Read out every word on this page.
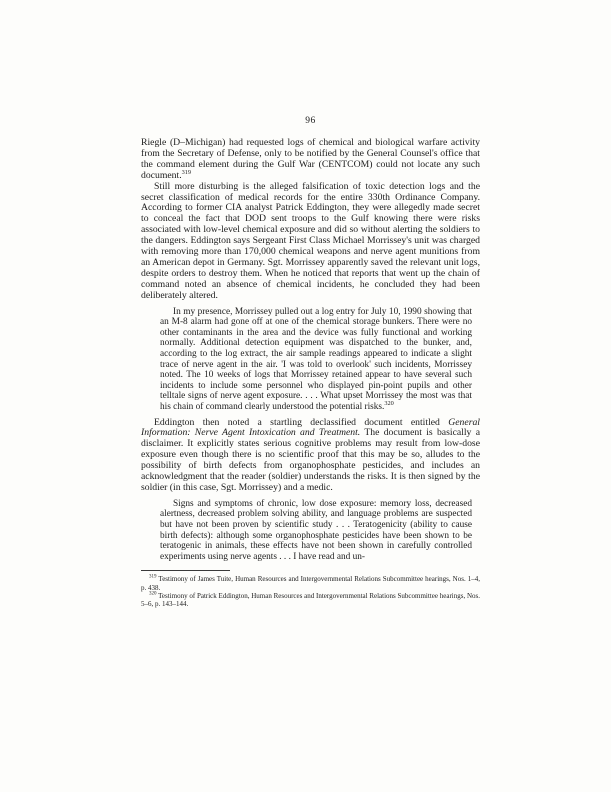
96

Riegle (D–Michigan) had requested logs of chemical and biological warfare activity from the Secretary of Defense, only to be notified by the General Counsel's office that the command element during the Gulf War (CENTCOM) could not locate any such document.$^{319}$

Still more disturbing is the alleged falsification of toxic detection logs and the secret classification of medical records for the entire 330th Ordinance Company. According to former CIA analyst Patrick Eddington, they were allegedly made secret to conceal the fact that DOD sent troops to the Gulf knowing there were risks associated with low-level chemical exposure and did so without alerting the soldiers to the dangers. Eddington says Sergeant First Class Michael Morrissey's unit was charged with removing more than 170,000 chemical weapons and nerve agent munitions from an American depot in Germany. Sgt. Morrissey apparently saved the relevant unit logs, despite orders to destroy them. When he noticed that reports that went up the chain of command noted an absence of chemical incidents, he concluded they had been deliberately altered.

In my presence, Morrissey pulled out a log entry for July 10, 1990 showing that an M-8 alarm had gone off at one of the chemical storage bunkers. There were no other contaminants in the area and the device was fully functional and working normally. Additional detection equipment was dispatched to the bunker, and, according to the log extract, the air sample readings appeared to indicate a slight trace of nerve agent in the air. 'I was told to overlook' such incidents, Morrissey noted. The 10 weeks of logs that Morrissey retained appear to have several such incidents to include some personnel who displayed pin-point pupils and other telltale signs of nerve agent exposure. . . . What upset Morrissey the most was that his chain of command clearly understood the potential risks.$^{320}$

Eddington then noted a startling declassified document entitled General Information: Nerve Agent Intoxication and Treatment. The document is basically a disclaimer. It explicitly states serious cognitive problems may result from low-dose exposure even though there is no scientific proof that this may be so, alludes to the possibility of birth defects from organophosphate pesticides, and includes an acknowledgment that the reader (soldier) understands the risks. It is then signed by the soldier (in this case, Sgt. Morrissey) and a medic.

Signs and symptoms of chronic, low dose exposure: memory loss, decreased alertness, decreased problem solving ability, and language problems are suspected but have not been proven by scientific study . . . Teratogenicity (ability to cause birth defects): although some organophosphate pesticides have been shown to be teratogenic in animals, these effects have not been shown in carefully controlled experiments using nerve agents . . . I have read and un-

$^{319}$ Testimony of James Tuite, Human Resources and Intergovernmental Relations Subcommittee hearings, Nos. 1–4, p. 438.

$^{320}$ Testimony of Patrick Eddington, Human Resources and Intergovernmental Relations Subcommittee hearings, Nos. 5–6, p. 143–144.
